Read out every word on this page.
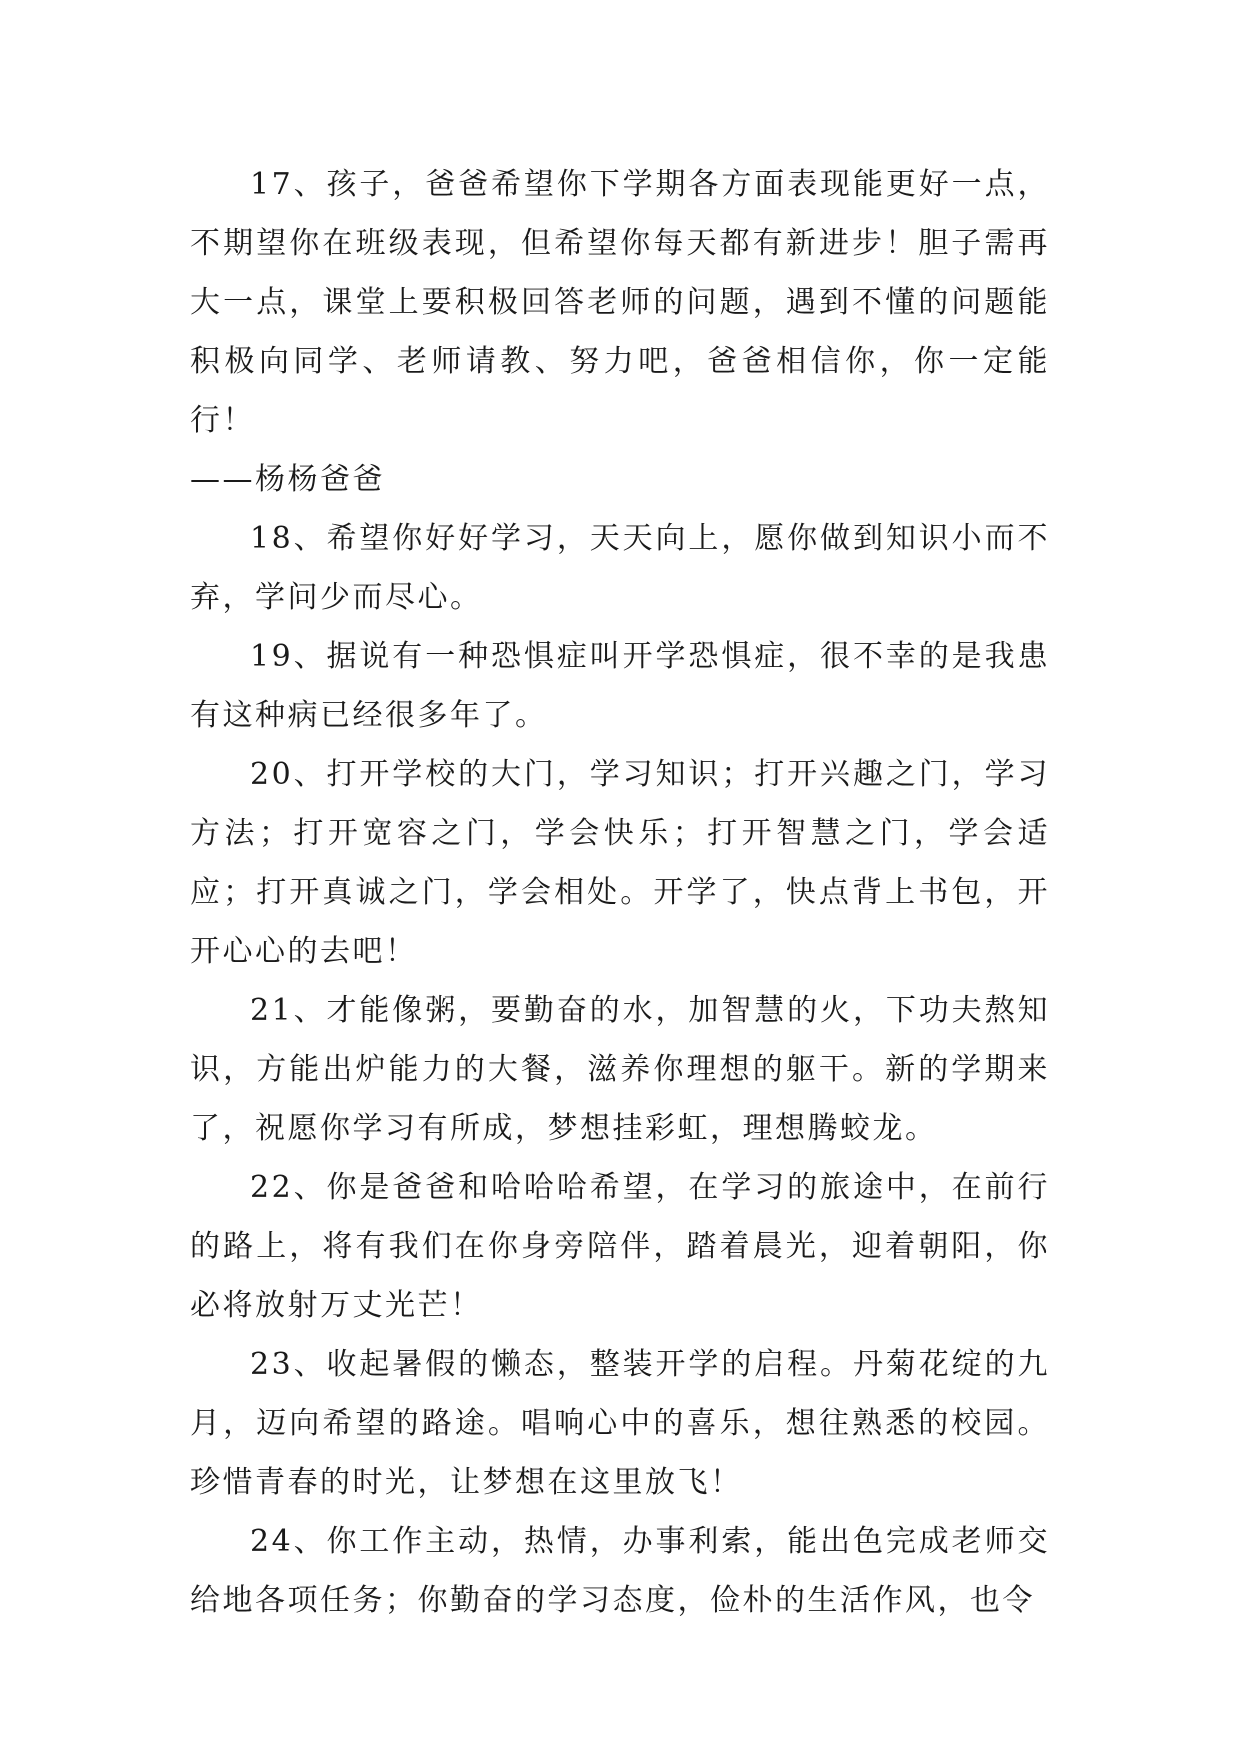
17、孩子，爸爸希望你下学期各方面表现能更好一点，不期望你在班级表现，但希望你每天都有新进步！胆子需再大一点，课堂上要积极回答老师的问题，遇到不懂的问题能积极向同学、老师请教、努力吧，爸爸相信你，你一定能行！

——杨杨爸爸

18、希望你好好学习，天天向上，愿你做到知识小而不弃，学问少而尽心。

19、据说有一种恐惧症叫开学恐惧症，很不幸的是我患有这种病已经很多年了。

20、打开学校的大门，学习知识；打开兴趣之门，学习方法；打开宽容之门，学会快乐；打开智慧之门，学会适应；打开真诚之门，学会相处。开学了，快点背上书包，开开心心的去吧！

21、才能像粥，要勤奋的水，加智慧的火，下功夫熬知识，方能出炉能力的大餐，滋养你理想的躯干。新的学期来了，祝愿你学习有所成，梦想挂彩虹，理想腾蛟龙。

22、你是爸爸和哈哈哈希望，在学习的旅途中，在前行的路上，将有我们在你身旁陪伴，踏着晨光，迎着朝阳，你必将放射万丈光芒！

23、收起暑假的懒态，整装开学的启程。丹菊花绽的九月，迈向希望的路途。唱响心中的喜乐，想往熟悉的校园。珍惜青春的时光，让梦想在这里放飞！

24、你工作主动，热情，办事利索，能出色完成老师交给地各项任务；你勤奋的学习态度，俭朴的生活作风，也令
